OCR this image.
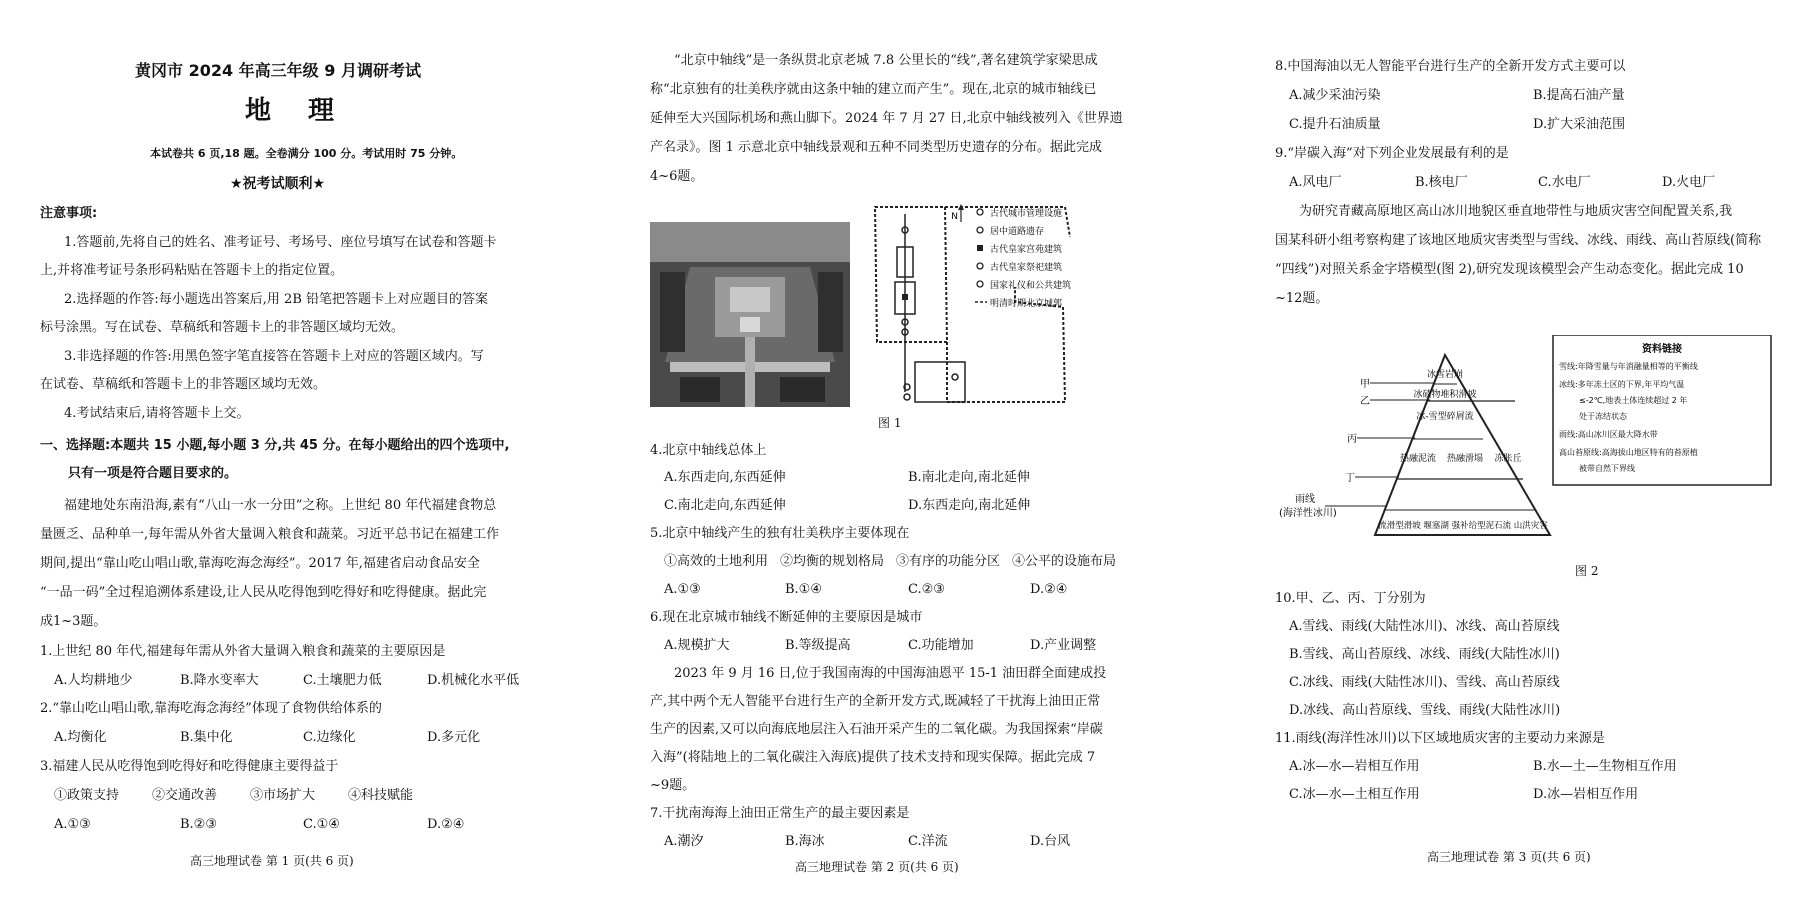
黄冈市 2024 年高三年级 9 月调研考试
地 理
本试卷共 6 页,18 题。全卷满分 100 分。考试用时 75 分钟。
★祝考试顺利★
注意事项:
1.答题前,先将自己的姓名、准考证号、考场号、座位号填写在试卷和答题卡
上,并将准考证号条形码粘贴在答题卡上的指定位置。
2.选择题的作答:每小题选出答案后,用 2B 铅笔把答题卡上对应题目的答案
标号涂黑。写在试卷、草稿纸和答题卡上的非答题区域均无效。
3.非选择题的作答:用黑色签字笔直接答在答题卡上对应的答题区域内。写
在试卷、草稿纸和答题卡上的非答题区域均无效。
4.考试结束后,请将答题卡上交。
一、选择题:本题共 15 小题,每小题 3 分,共 45 分。在每小题给出的四个选项中,
只有一项是符合题目要求的。
福建地处东南沿海,素有“八山一水一分田”之称。上世纪 80 年代福建食物总
量匮乏、品种单一,每年需从外省大量调入粮食和蔬菜。习近平总书记在福建工作
期间,提出“靠山吃山唱山歌,靠海吃海念海经”。2017 年,福建省启动食品安全
“一品一码”全过程追溯体系建设,让人民从吃得饱到吃得好和吃得健康。据此完
成1~3题。
1.上世纪 80 年代,福建每年需从外省大量调入粮食和蔬菜的主要原因是
A.人均耕地少	B.降水变率大	C.土壤肥力低	D.机械化水平低
2.“靠山吃山唱山歌,靠海吃海念海经”体现了食物供给体系的
A.均衡化	B.集中化	C.边缘化	D.多元化
3.福建人民从吃得饱到吃得好和吃得健康主要得益于
①政策支持	②交通改善	③市场扩大	④科技赋能
A.①③	B.②③	C.①④	D.②④
高三地理试卷 第 1 页(共 6 页)
“北京中轴线”是一条纵贯北京老城 7.8 公里长的“线”,著名建筑学家梁思成
称“北京独有的壮美秩序就由这条中轴的建立而产生”。现在,北京的城市轴线已
延伸至大兴国际机场和燕山脚下。2024 年 7 月 27 日,北京中轴线被列入《世界遗
产名录》。图 1 示意北京中轴线景观和五种不同类型历史遗存的分布。据此完成
4~6题。
N	古代城市管理设施
居中道路遗存
古代皇家宫苑建筑
古代皇家祭祀建筑
国家礼仪和公共建筑
明清时期北京城郭
图 1
4.北京中轴线总体上
A.东西走向,东西延伸	B.南北走向,南北延伸
C.南北走向,东西延伸	D.东西走向,南北延伸
5.北京中轴线产生的独有壮美秩序主要体现在
①高效的土地利用 ②均衡的规划格局 ③有序的功能分区 ④公平的设施布局
A.①③	B.①④	C.②③	D.②④
6.现在北京城市轴线不断延伸的主要原因是城市
A.规模扩大	B.等级提高	C.功能增加	D.产业调整
2023 年 9 月 16 日,位于我国南海的中国海油恩平 15-1 油田群全面建成投
产,其中两个无人智能平台进行生产的全新开发方式,既减轻了干扰海上油田正常
生产的因素,又可以向海底地层注入石油开采产生的二氧化碳。为我国探索“岸碳
入海”(将陆地上的二氧化碳注入海底)提供了技术支持和现实保障。据此完成 7
~9题。
7.干扰南海海上油田正常生产的最主要因素是
A.潮汐	B.海冰	C.洋流	D.台风
高三地理试卷 第 2 页(共 6 页)
8.中国海油以无人智能平台进行生产的全新开发方式主要可以
A.减少采油污染	B.提高石油产量
C.提升石油质量	D.扩大采油范围
9.“岸碳入海”对下列企业发展最有利的是
A.风电厂	B.核电厂	C.水电厂	D.火电厂
为研究青藏高原地区高山冰川地貌区垂直地带性与地质灾害空间配置关系,我
国某科研小组考察构建了该地区地质灾害类型与雪线、冰线、雨线、高山苔原线(简称
“四线”)对照关系金字塔模型(图 2),研究发现该模型会产生动态变化。据此完成 10
~12题。
甲
乙
丙
丁
雨线
(海洋性冰川)
冰雪岩崩
冰碛物堆积滑坡
冰-雪型碎屑流
热融泥流 热融滑塌 冻胀丘
流滑型滑坡 堰塞湖 强补给型泥石流 山洪灾害
资料链接
雪线:年降雪量与年消融量相等的平衡线
冰线:多年冻土区的下界,年平均气温
≤-2℃,地表土体连续超过 2 年
处于冻结状态
雨线:高山冰川区最大降水带
高山苔原线:高海拔山地区特有的苔原植
被带自然下界线
图 2
10.甲、乙、丙、丁分别为
A.雪线、雨线(大陆性冰川)、冰线、高山苔原线
B.雪线、高山苔原线、冰线、雨线(大陆性冰川)
C.冰线、雨线(大陆性冰川)、雪线、高山苔原线
D.冰线、高山苔原线、雪线、雨线(大陆性冰川)
11.雨线(海洋性冰川)以下区域地质灾害的主要动力来源是
A.冰—水—岩相互作用	B.水—土—生物相互作用
C.冰—水—土相互作用	D.冰—岩相互作用
高三地理试卷 第 3 页(共 6 页)
